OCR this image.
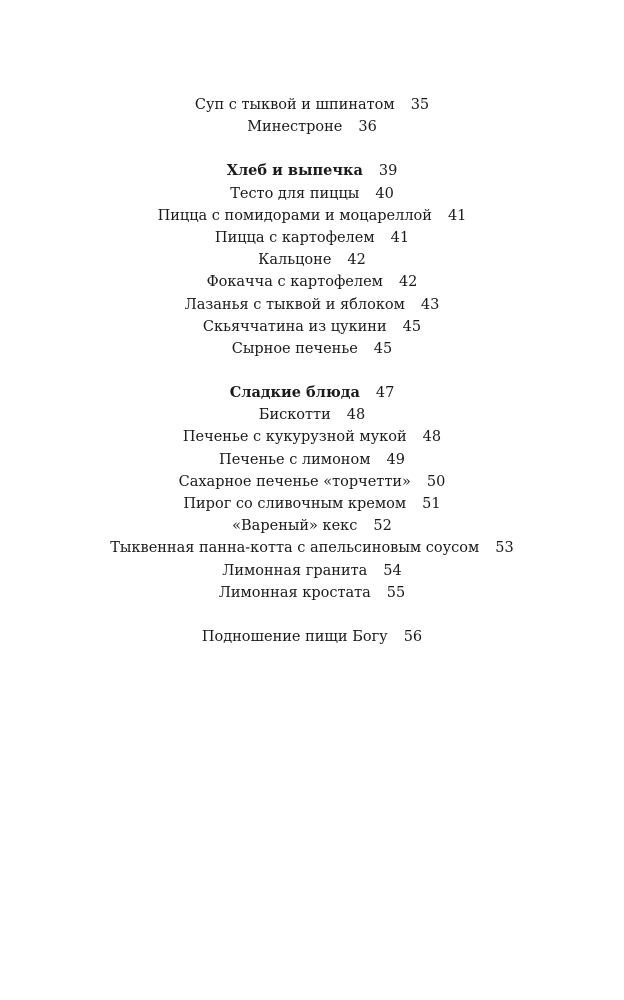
Суп с тыквой и шпинатом 35
Минестроне 36
Хлеб и выпечка 39
Тесто для пиццы 40
Пицца с помидорами и моцареллой 41
Пицца с картофелем 41
Кальцоне 42
Фокачча с картофелем 42
Лазанья с тыквой и яблоком 43
Скьяччатина из цукини 45
Сырное печенье 45
Сладкие блюда 47
Бискотти 48
Печенье с кукурузной мукой 48
Печенье с лимоном 49
Сахарное печенье «торчетти» 50
Пирог со сливочным кремом 51
«Вареный» кекс 52
Тыквенная панна-котта с апельсиновым соусом 53
Лимонная гранита 54
Лимонная кростата 55
Подношение пищи Богу 56
